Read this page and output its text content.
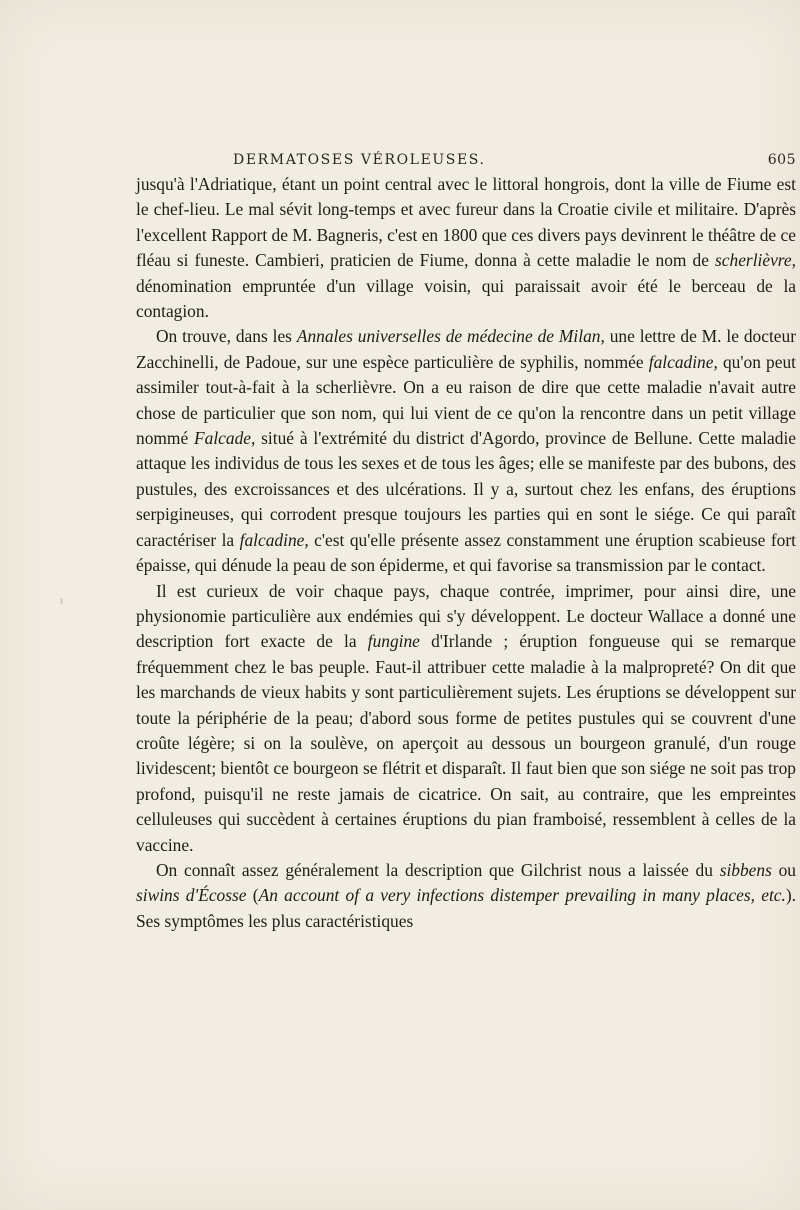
DERMATOSES VÉROLEUSES.	605

jusqu'à l'Adriatique, étant un point central avec le littoral hongrois, dont la ville de Fiume est le chef-lieu. Le mal sévit long-temps et avec fureur dans la Croatie civile et militaire. D'après l'excellent Rapport de M. Bagneris, c'est en 1800 que ces divers pays devinrent le théâtre de ce fléau si funeste. Cambieri, praticien de Fiume, donna à cette maladie le nom de scherlièvre, dénomination empruntée d'un village voisin, qui paraissait avoir été le berceau de la contagion.

On trouve, dans les Annales universelles de médecine de Milan, une lettre de M. le docteur Zacchinelli, de Padoue, sur une espèce particulière de syphilis, nommée falcadine, qu'on peut assimiler tout-à-fait à la scherlièvre. On a eu raison de dire que cette maladie n'avait autre chose de particulier que son nom, qui lui vient de ce qu'on la rencontre dans un petit village nommé Falcade, situé à l'extrémité du district d'Agordo, province de Bellune. Cette maladie attaque les individus de tous les sexes et de tous les âges; elle se manifeste par des bubons, des pustules, des excroissances et des ulcérations. Il y a, surtout chez les enfans, des éruptions serpigineuses, qui corrodent presque toujours les parties qui en sont le siége. Ce qui paraît caractériser la falcadine, c'est qu'elle présente assez constamment une éruption scabieuse fort épaisse, qui dénude la peau de son épiderme, et qui favorise sa transmission par le contact.

Il est curieux de voir chaque pays, chaque contrée, imprimer, pour ainsi dire, une physionomie particulière aux endémies qui s'y développent. Le docteur Wallace a donné une description fort exacte de la fungine d'Irlande ; éruption fongueuse qui se remarque fréquemment chez le bas peuple. Faut-il attribuer cette maladie à la malpropreté? On dit que les marchands de vieux habits y sont particulièrement sujets. Les éruptions se développent sur toute la périphérie de la peau; d'abord sous forme de petites pustules qui se couvrent d'une croûte légère; si on la soulève, on aperçoit au dessous un bourgeon granulé, d'un rouge lividescent; bientôt ce bourgeon se flétrit et disparaît. Il faut bien que son siége ne soit pas trop profond, puisqu'il ne reste jamais de cicatrice. On sait, au contraire, que les empreintes celluleuses qui succèdent à certaines éruptions du pian framboisé, ressemblent à celles de la vaccine.

On connaît assez généralement la description que Gilchrist nous a laissée du sibbens ou siwins d'Écosse (An account of a very infections distemper prevailing in many places, etc.). Ses symptômes les plus caractéristiques
